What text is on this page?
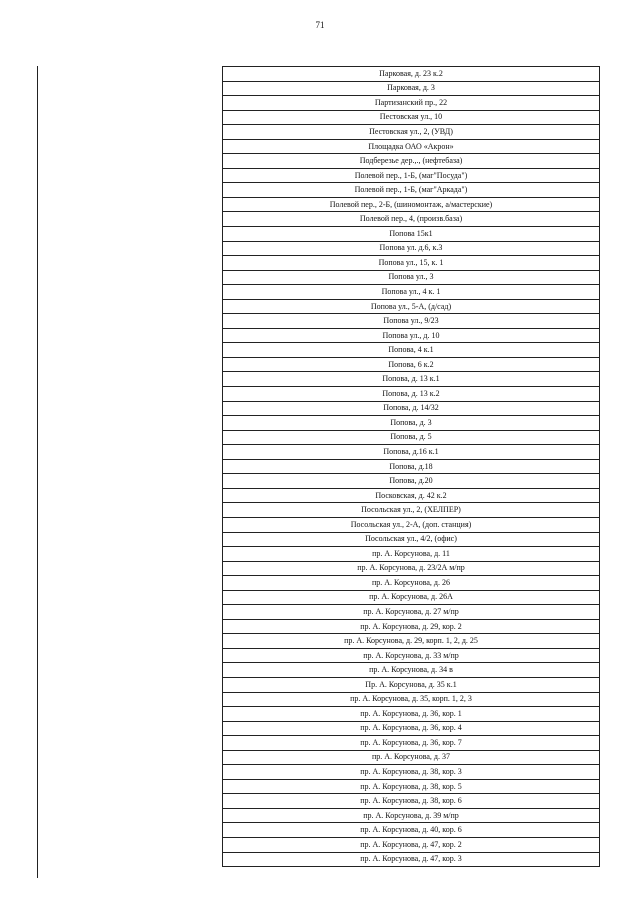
71
Парковая, д. 23 к.2
Парковая, д. 3
Партизанский пр., 22
Пестовская ул., 10
Пестовская ул., 2, (УВД)
Площадка ОАО «Акрон»
Подберезье дер.,., (нефтебаза)
Полевой пер., 1-Б, (маг"Посуда")
Полевой пер., 1-Б, (маг"Аркада")
Полевой пер., 2-Б, (шиномонтаж, а/мастерские)
Полевой пер., 4, (произв.база)
Попова 15к1
Попова ул. д.6, к.3
Попова ул., 15, к. 1
Попова ул., 3
Попова ул., 4 к. 1
Попова ул., 5-А, (д/сад)
Попова ул., 9/23
Попова ул., д. 10
Попова, 4 к.1
Попова, 6 к.2
Попова, д. 13 к.1
Попова, д. 13 к.2
Попова, д. 14/32
Попова, д. 3
Попова, д. 5
Попова, д.16 к.1
Попова, д.18
Попова, д.20
Посковская, д. 42 к.2
Посольская ул., 2, (ХЕЛПЕР)
Посольская ул., 2-А, (доп. станция)
Посольская ул., 4/2, (офис)
пр. А. Корсунова, д. 11
пр. А. Корсунова, д. 23/2А м/пр
пр. А. Корсунова, д. 26
пр. А. Корсунова, д. 26А
пр. А. Корсунова, д. 27 м/пр
пр. А. Корсунова, д. 29, кор. 2
пр. А. Корсунова, д. 29, корп. 1, 2, д. 25
пр. А. Корсунова, д. 33 м/пр
пр. А. Корсунова, д. 34 в
Пр. А. Корсунова, д. 35 к.1
пр. А. Корсунова, д. 35, корп. 1, 2, 3
пр. А. Корсунова, д. 36, кор. 1
пр. А. Корсунова, д. 36, кор. 4
пр. А. Корсунова, д. 36, кор. 7
пр. А. Корсунова, д. 37
пр. А. Корсунова, д. 38, кор. 3
пр. А. Корсунова, д. 38, кор. 5
пр. А. Корсунова, д. 38, кор. 6
пр. А. Корсунова, д. 39 м/пр
пр. А. Корсунова, д. 40, кор. 6
пр. А. Корсунова, д. 47, кор. 2
пр. А. Корсунова, д. 47, кор. 3
